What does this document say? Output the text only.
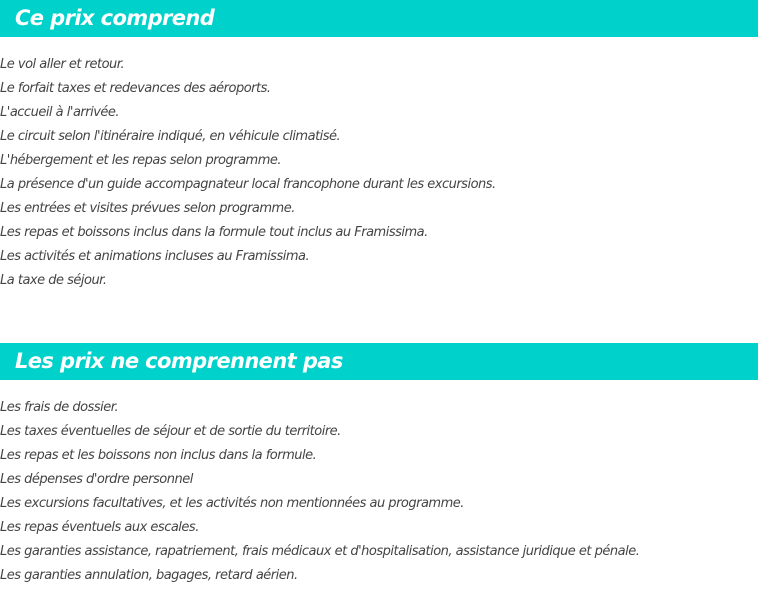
Ce prix comprend
Le vol aller et retour.
Le forfait taxes et redevances des aéroports.
L'accueil à l'arrivée.
Le circuit selon l'itinéraire indiqué, en véhicule climatisé.
L'hébergement et les repas selon programme.
La présence d'un guide accompagnateur local francophone durant les excursions.
Les entrées et visites prévues selon programme.
Les repas et boissons inclus dans la formule tout inclus au Framissima.
Les activités et animations incluses au Framissima.
La taxe de séjour.
Les prix ne comprennent pas
Les frais de dossier.
Les taxes éventuelles de séjour et de sortie du territoire.
Les repas et les boissons non inclus dans la formule.
Les dépenses d'ordre personnel
Les excursions facultatives, et les activités non mentionnées au programme.
Les repas éventuels aux escales.
Les garanties assistance, rapatriement, frais médicaux et d'hospitalisation, assistance juridique et pénale.
Les garanties annulation, bagages, retard aérien.
